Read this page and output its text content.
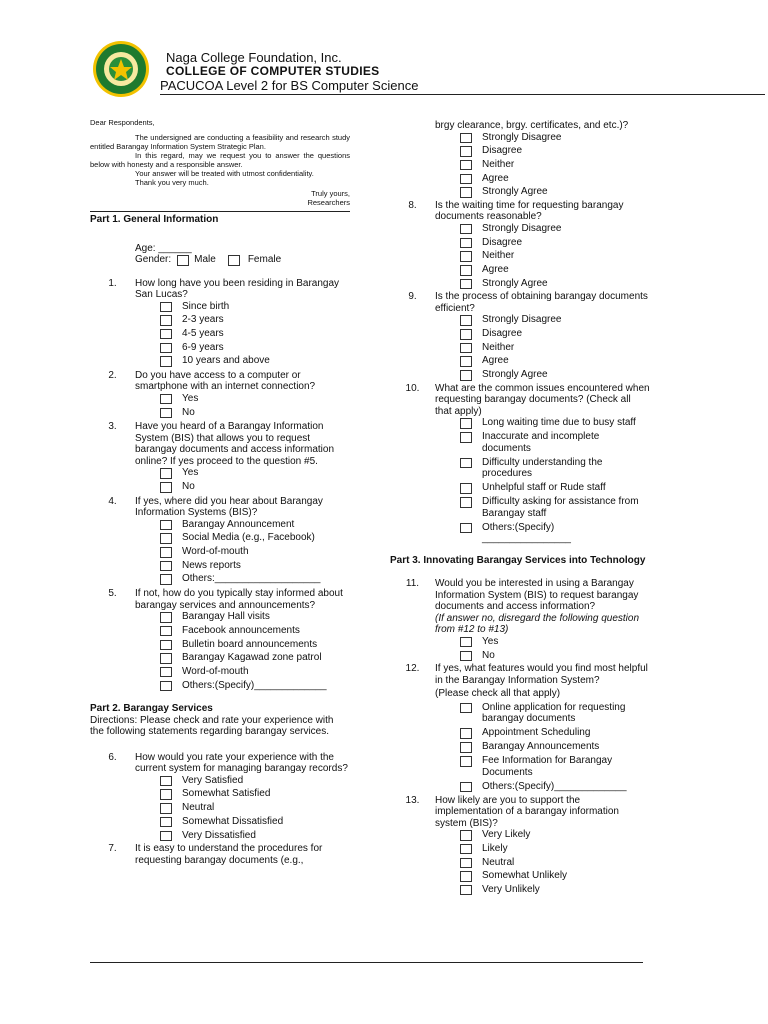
Naga College Foundation, Inc.
COLLEGE OF COMPUTER STUDIES
PACUCOA Level 2 for BS Computer Science
Dear Respondents,
The undersigned are conducting a feasibility and research study entitled Barangay Information System Strategic Plan.
In this regard, may we request you to answer the questions below with honesty and a responsible answer.
Your answer will be treated with utmost confidentiality.
Thank you very much.
Truly yours,
Researchers
Part 1. General Information
Age: ______
Gender: Male	Female
1.	How long have you been residing in Barangay San Lucas?
Since birth
2-3 years
4-5 years
6-9 years
10 years and above
2.	Do you have access to a computer or smartphone with an internet connection?
Yes
No
3.	Have you heard of a Barangay Information System (BIS) that allows you to request barangay documents and access information online? If yes proceed to the question #5.
Yes
No
4.	If yes, where did you hear about Barangay Information Systems (BIS)?
Barangay Announcement
Social Media (e.g., Facebook)
Word-of-mouth
News reports
Others:___________________
5.	If not, how do you typically stay informed about barangay services and announcements?
Barangay Hall visits
Facebook announcements
Bulletin board announcements
Barangay Kagawad zone patrol
Word-of-mouth
Others:(Specify)_____________
Part 2. Barangay Services
Directions: Please check and rate your experience with the following statements regarding barangay services.
6.	How would you rate your experience with the current system for managing barangay records?
Very Satisfied
Somewhat Satisfied
Neutral
Somewhat Dissatisfied
Very Dissatisfied
7.	It is easy to understand the procedures for requesting barangay documents (e.g.,
brgy clearance, brgy. certificates, and etc.)?
Strongly Disagree
Disagree
Neither
Agree
Strongly Agree
8.	Is the waiting time for requesting barangay documents reasonable?
Strongly Disagree
Disagree
Neither
Agree
Strongly Agree
9.	Is the process of obtaining barangay documents efficient?
Strongly Disagree
Disagree
Neither
Agree
Strongly Agree
10.	What are the common issues encountered when requesting barangay documents? (Check all that apply)
Long waiting time due to busy staff
Inaccurate and incomplete documents
Difficulty understanding the procedures
Unhelpful staff or Rude staff
Difficulty asking for assistance from Barangay staff
Others:(Specify)
________________
Part 3. Innovating Barangay Services into Technology
11.	Would you be interested in using a Barangay Information System (BIS) to request barangay documents and access information?
(If answer no, disregard the following question from #12 to #13)
Yes
No
12.	If yes, what features would you find most helpful in the Barangay Information System?
(Please check all that apply)
Online application for requesting barangay documents
Appointment Scheduling
Barangay Announcements
Fee Information for Barangay Documents
Others:(Specify)_____________
13.	How likely are you to support the implementation of a barangay information system (BIS)?
Very Likely
Likely
Neutral
Somewhat Unlikely
Very Unlikely
